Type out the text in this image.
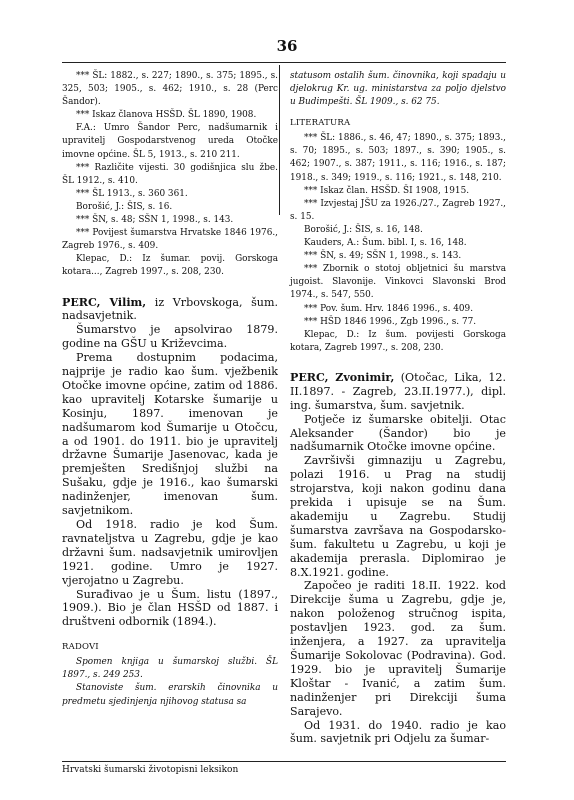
36

*** ŠL: 1882., s. 227; 1890., s. 375; 1895., s. 325, 503; 1905., s. 462; 1910., s. 28 (Perc Šandor).

*** Iskaz članova HSŠD. ŠL 1890, 1908.

F.A.: Umro Šandor Perc, nadšumarnik i upravitelj Gospodarstvenog ureda Otočke imovne općine. ŠL 5, 1913., s. 210 211.

*** Različite vijesti. 30 godišnjica slu žbe. ŠL 1912., s. 410.

*** ŠL 1913., s. 360 361.

Borošić, J.: ŠIS, s. 16.

*** ŠN, s. 48; SŠN 1, 1998., s. 143.

*** Povijest šumarstva Hrvatske 1846 1976., Zagreb 1976., s. 409.

Klepac, D.: Iz šumar. povij. Gorskoga kotara..., Zagreb 1997., s. 208, 230.

PERC, Vilim, iz Vrbovskoga, šum. nadsavjetnik.

Šumarstvo je apsolvirao 1879. godine na GŠU u Križevcima.

Prema dostupnim podacima, najprije je radio kao šum. vježbenik Otočke imovne općine, zatim od 1886. kao upravitelj Kotarske šumarije u Kosinju, 1897. imenovan je nadšumarom kod Šumarije u Otočcu, a od 1901. do 1911. bio je upravitelj državne Šumarije Jasenovac, kada je premješten Središnjoj službi na Sušaku, gdje je 1916., kao šumarski nadinženjer, imenovan šum. savjetnikom.

Od 1918. radio je kod Šum. ravnateljstva u Zagrebu, gdje je kao državni šum. nadsavjetnik umirovljen 1921. godine. Umro je 1927. vjerojatno u Zagrebu.

Surađivao je u Šum. listu (1897., 1909.). Bio je član HSŠD od 1887. i društveni odbornik (1894.).

RADOVI

Spomen knjiga u šumarskoj službi. ŠL 1897., s. 249 253.

Stanoviste šum. erarskih činovnika u predmetu sjedinjenja njihovog statusa sa

statusom ostalih šum. činovnika, koji spadaju u djelokrug Kr. ug. ministarstva za poljo djelstvo u Budimpešti. ŠL 1909., s. 62 75.

LITERATURA

*** ŠL: 1886., s. 46, 47; 1890., s. 375; 1893., s. 70; 1895., s. 503; 1897., s. 390; 1905., s. 462; 1907., s. 387; 1911., s. 116; 1916., s. 187; 1918., s. 349; 1919., s. 116; 1921., s. 148, 210.

*** Iskaz član. HSŠD. ŠI 1908, 1915.

*** Izvjestaj JŠU za 1926./27., Zagreb 1927., s. 15.

Borošić, J.: ŠIS, s. 16, 148.

Kauders, A.: Šum. bibl. I, s. 16, 148.

*** ŠN, s. 49; SŠN 1, 1998., s. 143.

*** Zbornik o stotoj obljetnici šu marstva jugoist. Slavonije. Vinkovci Slavonski Brod 1974., s. 547, 550.

*** Pov. šum. Hrv. 1846 1996., s. 409.

*** HŠD 1846 1996., Zgb 1996., s. 77.

Klepac, D.: Iz šum. povijesti Gorskoga kotara, Zagreb 1997., s. 208, 230.

PERC, Zvonimir, (Otočac, Lika, 12. II.1897. - Zagreb, 23.II.1977.), dipl. ing. šumarstva, šum. savjetnik.

Potječe iz šumarske obitelji. Otac Aleksander (Šandor) bio je nadšumarnik Otočke imovne općine.

Završivši gimnaziju u Zagrebu, polazi 1916. u Prag na studij strojarstva, koji nakon godinu dana prekida i upisuje se na Šum. akademiju u Zagrebu. Studij šumarstva završava na Gospodarsko-šum. fakultetu u Zagrebu, u koji je akademija prerasla. Diplomirao je 8.X.1921. godine.

Započeo je raditi 18.II. 1922. kod Direkcije šuma u Zagrebu, gdje je, nakon položenog stručnog ispita, postavljen 1923. god. za šum. inženjera, a 1927. za upravitelja Šumarije Sokolovac (Podravina). God. 1929. bio je upravitelj Šumarije Kloštar - Ivanić, a zatim šum. nadinženjer pri Direkciji šuma Sarajevo.

Od 1931. do 1940. radio je kao šum. savjetnik pri Odjelu za šumar-

Hrvatski šumarski životopisni leksikon
